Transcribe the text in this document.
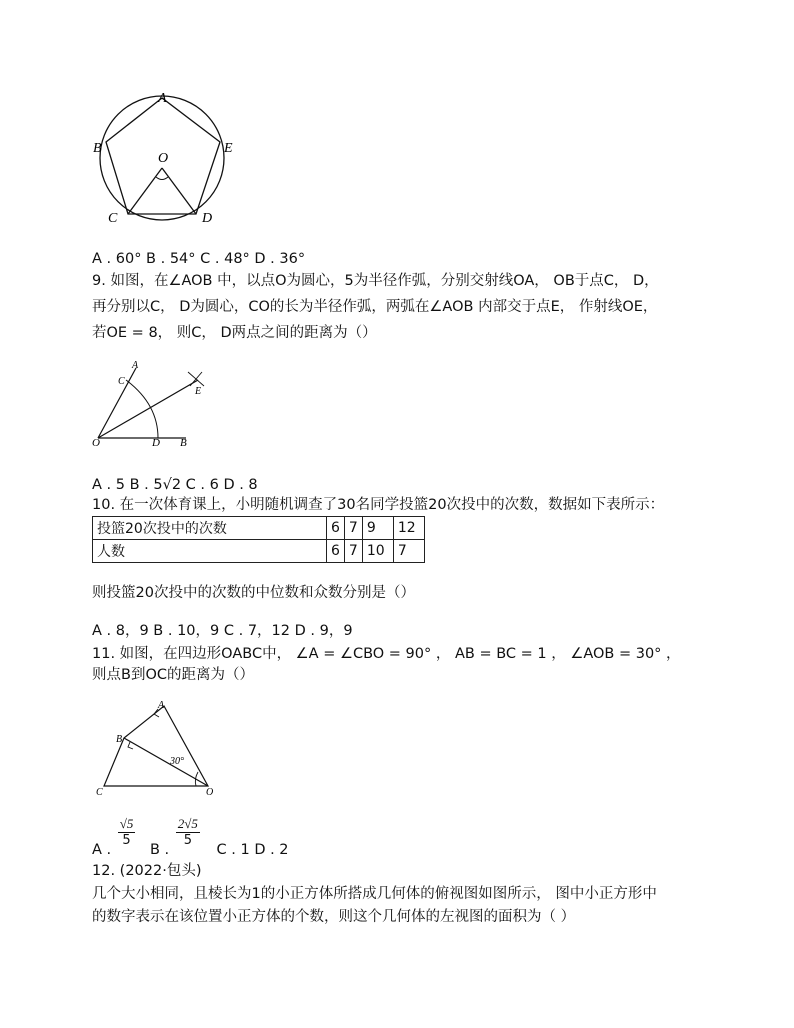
A
B	E
O
C	D
A . 60° B . 54° C . 48° D . 36°
9. 如图，在∠AOB 中，以点O为圆心，5为半径作弧，分别交射线OA， OB于点C， D，
再分别以C， D为圆心，CO的长为半径作弧，两弧在∠AOB 内部交于点E， 作射线OE，
若OE = 8， 则C， D两点之间的距离为（）
A
C
E
O	D B
A . 5 B . 5√2 C . 6 D . 8
10. 在一次体育课上，小明随机调查了30名同学投篮20次投中的次数，数据如下表所示：
投篮20次投中的次数	6	7	9	12
人数	6	7	10	7
则投篮20次投中的次数的中位数和众数分别是（）
A . 8，9 B . 10，9 C . 7，12 D . 9，9
11. 如图，在四边形OABC中， ∠A = ∠CBO = 90° ， AB = BC = 1 ， ∠AOB = 30° ，
则点B到OC的距离为（）
A
B
C	O
30°
A .
$\frac{√5}{5}$
B .
$\frac{2√5}{5}$
C . 1 D . 2
12. (2022·包头)
几个大小相同，且棱长为1的小正方体所搭成几何体的俯视图如图所示， 图中小正方形中
的数字表示在该位置小正方体的个数，则这个几何体的左视图的面积为（ ）
